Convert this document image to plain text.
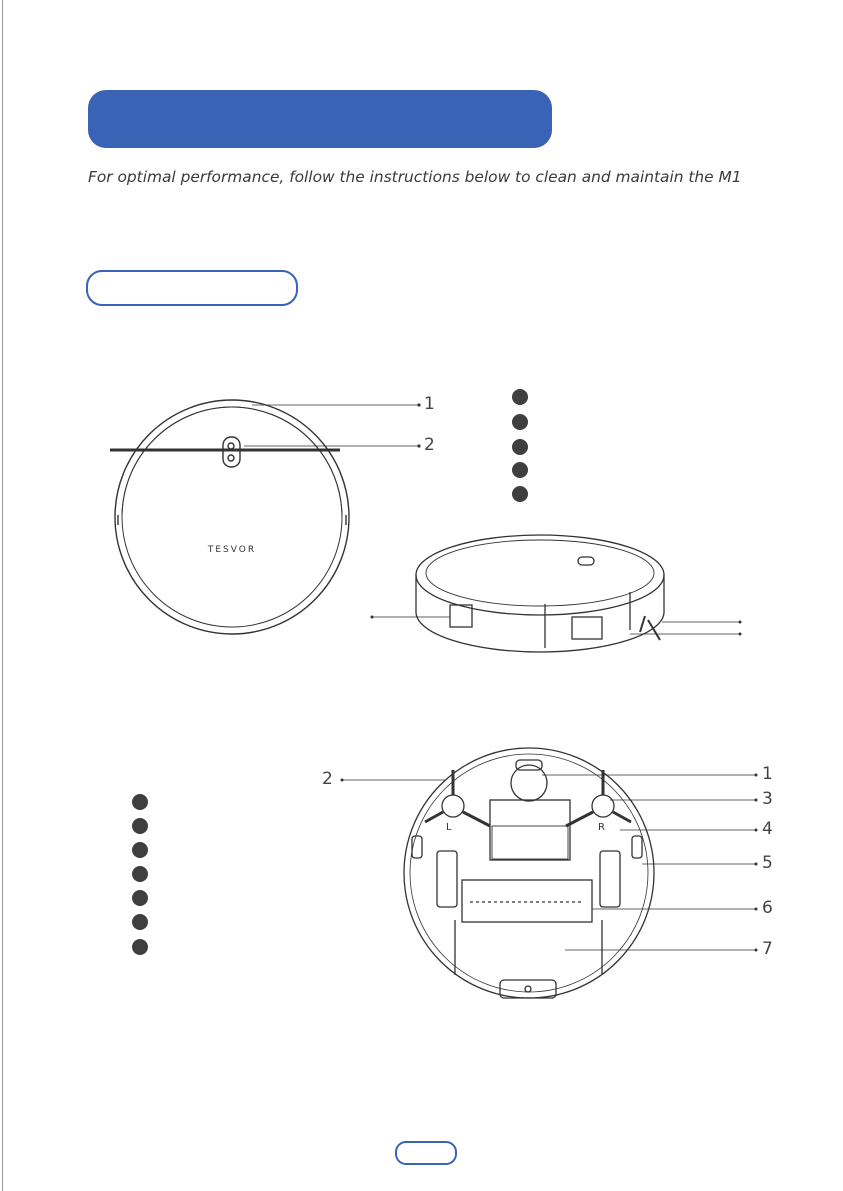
For optimal performance, follow the instructions below to clean and maintain the M1
TESVOR
L	R
1
2
2	1
3
4
5
6
7
